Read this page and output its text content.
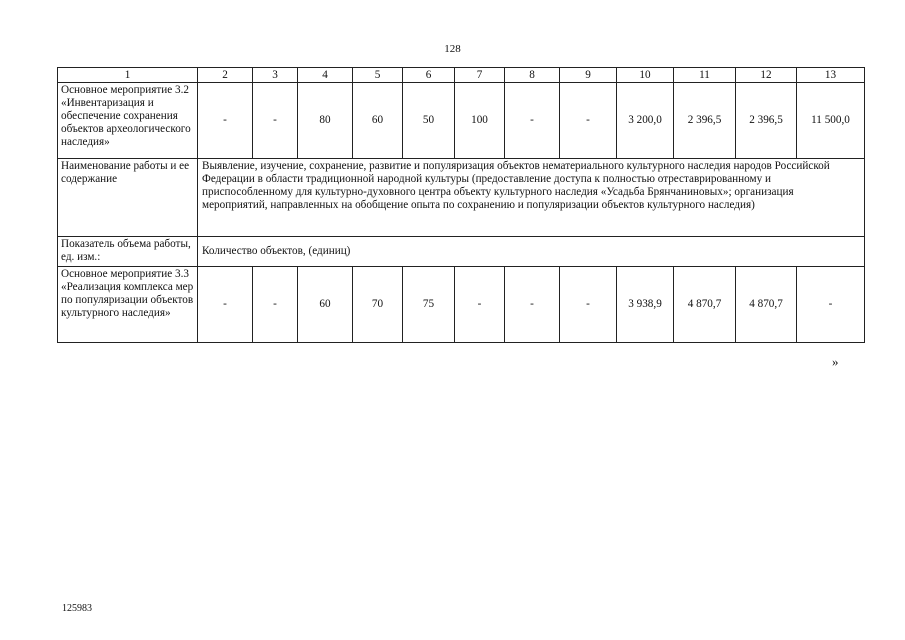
128
1	2	3	4	5	6	7	8	9	10	11	12	13
Основное мероприятие 3.2 «Инвентаризация и обеспечение сохранения объектов археологического наследия»	-	-	80	60	50	100	-	-	3 200,0	2 396,5	2 396,5	11 500,0
Наименование работы и ее содержание	Выявление, изучение, сохранение, развитие и популяризация объектов нематериального культурного наследия народов Российской Федерации в области традиционной народной культуры (предоставление доступа к полностью отреставрированному и приспособленному для культурно-духовного центра объекту культурного наследия «Усадьба Брянчаниновых»; организация мероприятий, направленных на обобщение опыта по сохранению и популяризации объектов культурного наследия)											
Показатель объема работы, ед. изм.:	Количество объектов, (единиц)											
Основное мероприятие 3.3 «Реализация комплекса мер по популяризации объектов культурного наследия»	-	-	60	70	75	-	-	-	3 938,9	4 870,7	4 870,7	-
»
125983
